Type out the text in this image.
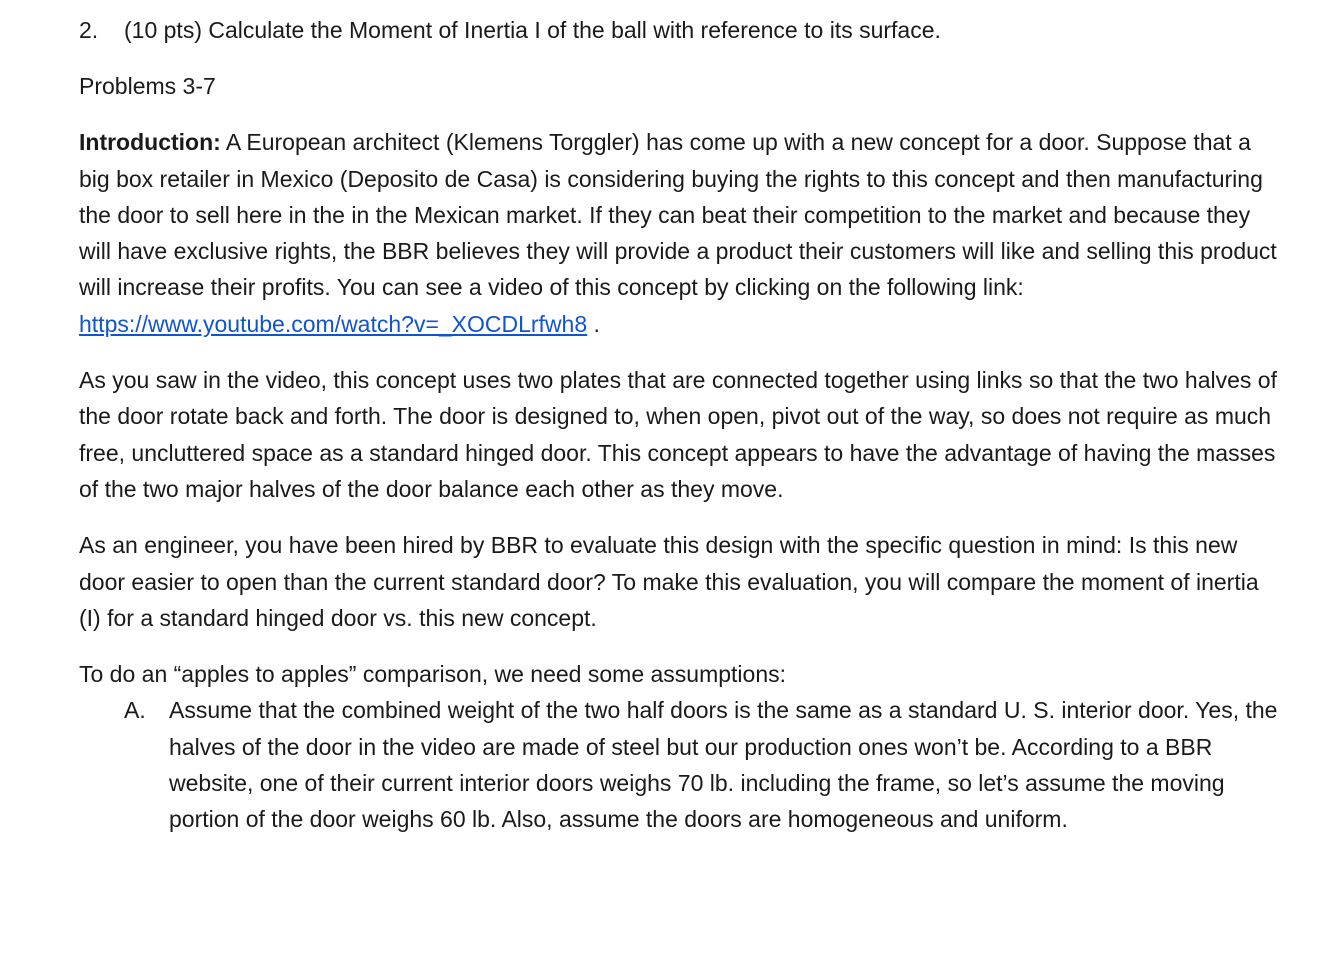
2. (10 pts) Calculate the Moment of Inertia I of the ball with reference to its surface.

Problems 3-7

Introduction: A European architect (Klemens Torggler) has come up with a new concept for a door. Suppose that a big box retailer in Mexico (Deposito de Casa) is considering buying the rights to this concept and then manufacturing the door to sell here in the in the Mexican market. If they can beat their competition to the market and because they will have exclusive rights, the BBR believes they will provide a product their customers will like and selling this product will increase their profits. You can see a video of this concept by clicking on the following link: https://www.youtube.com/watch?v=_XOCDLrfwh8 .

As you saw in the video, this concept uses two plates that are connected together using links so that the two halves of the door rotate back and forth. The door is designed to, when open, pivot out of the way, so does not require as much free, uncluttered space as a standard hinged door. This concept appears to have the advantage of having the masses of the two major halves of the door balance each other as they move.

As an engineer, you have been hired by BBR to evaluate this design with the specific question in mind: Is this new door easier to open than the current standard door? To make this evaluation, you will compare the moment of inertia (I) for a standard hinged door vs. this new concept.

To do an “apples to apples” comparison, we need some assumptions:

A. Assume that the combined weight of the two half doors is the same as a standard U. S. interior door. Yes, the halves of the door in the video are made of steel but our production ones won’t be. According to a BBR website, one of their current interior doors weighs 70 lb. including the frame, so let’s assume the moving portion of the door weighs 60 lb. Also, assume the doors are homogeneous and uniform.
